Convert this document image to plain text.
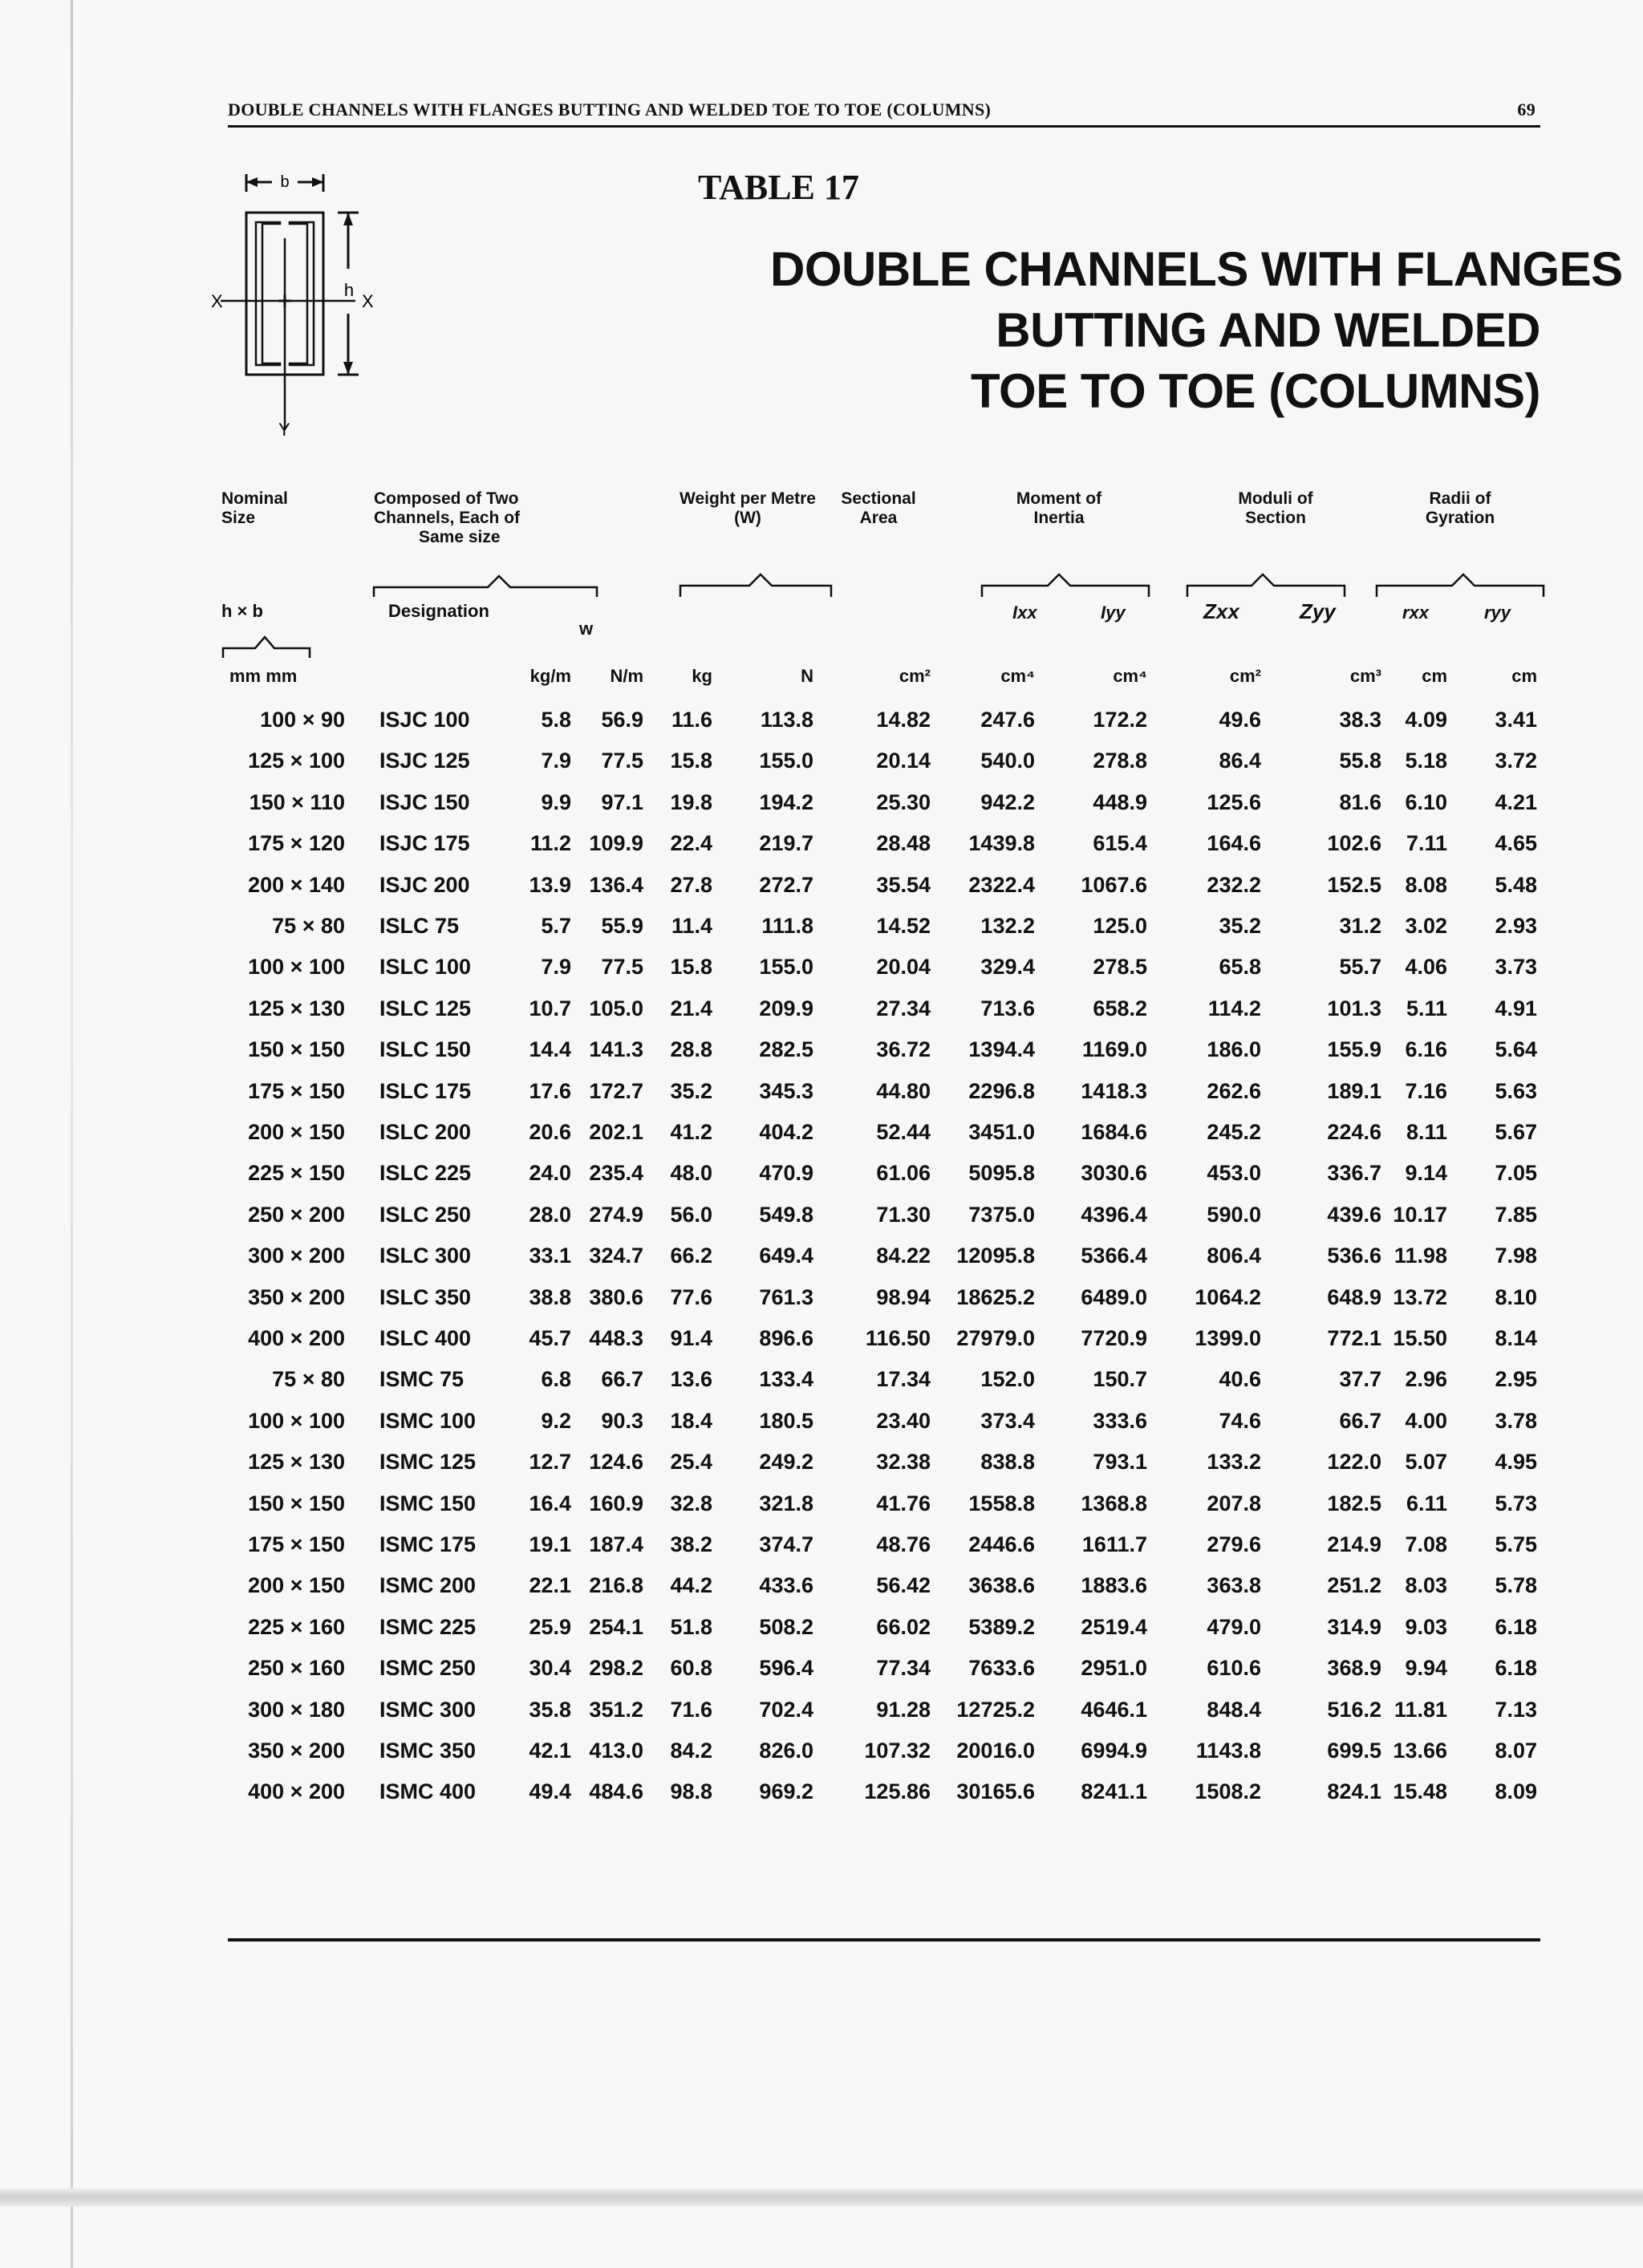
DOUBLE CHANNELS WITH FLANGES BUTTING AND WELDED TOE TO TOE (COLUMNS)	69
b
h
X	X
Y
TABLE 17
DOUBLE CHANNELS WITH FLANGES
BUTTING AND WELDED
TOE TO TOE (COLUMNS)
Nominal
Size
Composed of Two
Channels, Each of
Same size
Weight per Metre
(W)
Sectional
Area
Moment of
Inertia
Moduli of
Section
Radii of
Gyration
h × b	Designation
w
Ixx	Iyy	Zxx	Zyy	rxx	ryy
mm mm	kg/m	N/m	kg	N	cm²	cm⁴	cm⁴	cm²	cm³	cm	cm
100 × 90 ISJC 100	5.8	56.9	11.6	113.8	14.82	247.6	172.2	49.6	38.3	4.09	3.41
125 × 100 ISJC 125	7.9	77.5	15.8	155.0	20.14	540.0	278.8	86.4	55.8	5.18	3.72
150 × 110 ISJC 150	9.9	97.1	19.8	194.2	25.30	942.2	448.9	125.6	81.6	6.10	4.21
175 × 120 ISJC 175	11.2 109.9	22.4	219.7	28.48	1439.8	615.4	164.6	102.6	7.11	4.65
200 × 140 ISJC 200	13.9 136.4	27.8	272.7	35.54	2322.4	1067.6	232.2	152.5	8.08	5.48
75 × 80 ISLC 75	5.7	55.9	11.4	111.8	14.52	132.2	125.0	35.2	31.2	3.02	2.93
100 × 100 ISLC 100	7.9	77.5	15.8	155.0	20.04	329.4	278.5	65.8	55.7	4.06	3.73
125 × 130 ISLC 125	10.7 105.0	21.4	209.9	27.34	713.6	658.2	114.2	101.3	5.11	4.91
150 × 150 ISLC 150	14.4 141.3	28.8	282.5	36.72	1394.4	1169.0	186.0	155.9	6.16	5.64
175 × 150 ISLC 175	17.6 172.7	35.2	345.3	44.80	2296.8	1418.3	262.6	189.1	7.16	5.63
200 × 150 ISLC 200	20.6 202.1	41.2	404.2	52.44	3451.0	1684.6	245.2	224.6	8.11	5.67
225 × 150 ISLC 225	24.0 235.4	48.0	470.9	61.06	5095.8	3030.6	453.0	336.7	9.14	7.05
250 × 200 ISLC 250	28.0 274.9	56.0	549.8	71.30	7375.0	4396.4	590.0	439.6 10.17	7.85
300 × 200 ISLC 300	33.1 324.7	66.2	649.4	84.22	12095.8	5366.4	806.4	536.6 11.98	7.98
350 × 200 ISLC 350	38.8 380.6	77.6	761.3	98.94	18625.2	6489.0	1064.2	648.9 13.72	8.10
400 × 200 ISLC 400	45.7 448.3	91.4	896.6	116.50	27979.0	7720.9	1399.0	772.1 15.50	8.14
75 × 80 ISMC 75	6.8	66.7	13.6	133.4	17.34	152.0	150.7	40.6	37.7	2.96	2.95
100 × 100 ISMC 100	9.2	90.3	18.4	180.5	23.40	373.4	333.6	74.6	66.7	4.00	3.78
125 × 130 ISMC 125	12.7 124.6	25.4	249.2	32.38	838.8	793.1	133.2	122.0	5.07	4.95
150 × 150 ISMC 150	16.4 160.9	32.8	321.8	41.76	1558.8	1368.8	207.8	182.5	6.11	5.73
175 × 150 ISMC 175	19.1 187.4	38.2	374.7	48.76	2446.6	1611.7	279.6	214.9	7.08	5.75
200 × 150 ISMC 200	22.1 216.8	44.2	433.6	56.42	3638.6	1883.6	363.8	251.2	8.03	5.78
225 × 160 ISMC 225	25.9 254.1	51.8	508.2	66.02	5389.2	2519.4	479.0	314.9	9.03	6.18
250 × 160 ISMC 250	30.4 298.2	60.8	596.4	77.34	7633.6	2951.0	610.6	368.9	9.94	6.18
300 × 180 ISMC 300	35.8 351.2	71.6	702.4	91.28	12725.2	4646.1	848.4	516.2 11.81	7.13
350 × 200 ISMC 350	42.1 413.0	84.2	826.0	107.32	20016.0	6994.9	1143.8	699.5 13.66	8.07
400 × 200 ISMC 400	49.4 484.6	98.8	969.2	125.86	30165.6	8241.1	1508.2	824.1 15.48	8.09
